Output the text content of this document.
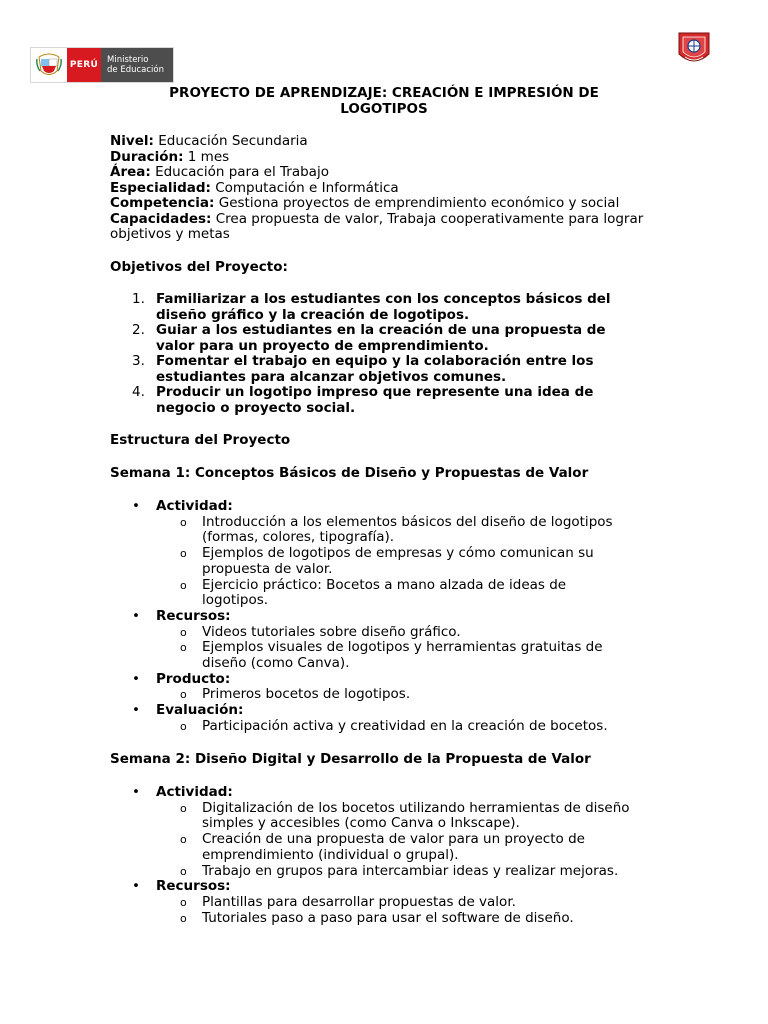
PERÚ	Ministerio
de Educación
PROYECTO DE APRENDIZAJE: CREACIÓN E IMPRESIÓN DE
LOGOTIPOS
Nivel: Educación Secundaria
Duración: 1 mes
Área: Educación para el Trabajo
Especialidad: Computación e Informática
Competencia: Gestiona proyectos de emprendimiento económico y social
Capacidades: Crea propuesta de valor, Trabaja cooperativamente para lograr objetivos y metas
Objetivos del Proyecto:
1. Familiarizar a los estudiantes con los conceptos básicos del
diseño gráfico y la creación de logotipos.
2. Guiar a los estudiantes en la creación de una propuesta de
valor para un proyecto de emprendimiento.
3. Fomentar el trabajo en equipo y la colaboración entre los
estudiantes para alcanzar objetivos comunes.
4. Producir un logotipo impreso que represente una idea de
negocio o proyecto social.
Estructura del Proyecto
Semana 1: Conceptos Básicos de Diseño y Propuestas de Valor
• Actividad:
o Introducción a los elementos básicos del diseño de logotipos
(formas, colores, tipografía).
o Ejemplos de logotipos de empresas y cómo comunican su
propuesta de valor.
o Ejercicio práctico: Bocetos a mano alzada de ideas de
logotipos.
• Recursos:
o Videos tutoriales sobre diseño gráfico.
o Ejemplos visuales de logotipos y herramientas gratuitas de
diseño (como Canva).
• Producto:
o Primeros bocetos de logotipos.
• Evaluación:
o Participación activa y creatividad en la creación de bocetos.
Semana 2: Diseño Digital y Desarrollo de la Propuesta de Valor
• Actividad:
o Digitalización de los bocetos utilizando herramientas de diseño
simples y accesibles (como Canva o Inkscape).
o Creación de una propuesta de valor para un proyecto de
emprendimiento (individual o grupal).
o Trabajo en grupos para intercambiar ideas y realizar mejoras.
• Recursos:
o Plantillas para desarrollar propuestas de valor.
o Tutoriales paso a paso para usar el software de diseño.
